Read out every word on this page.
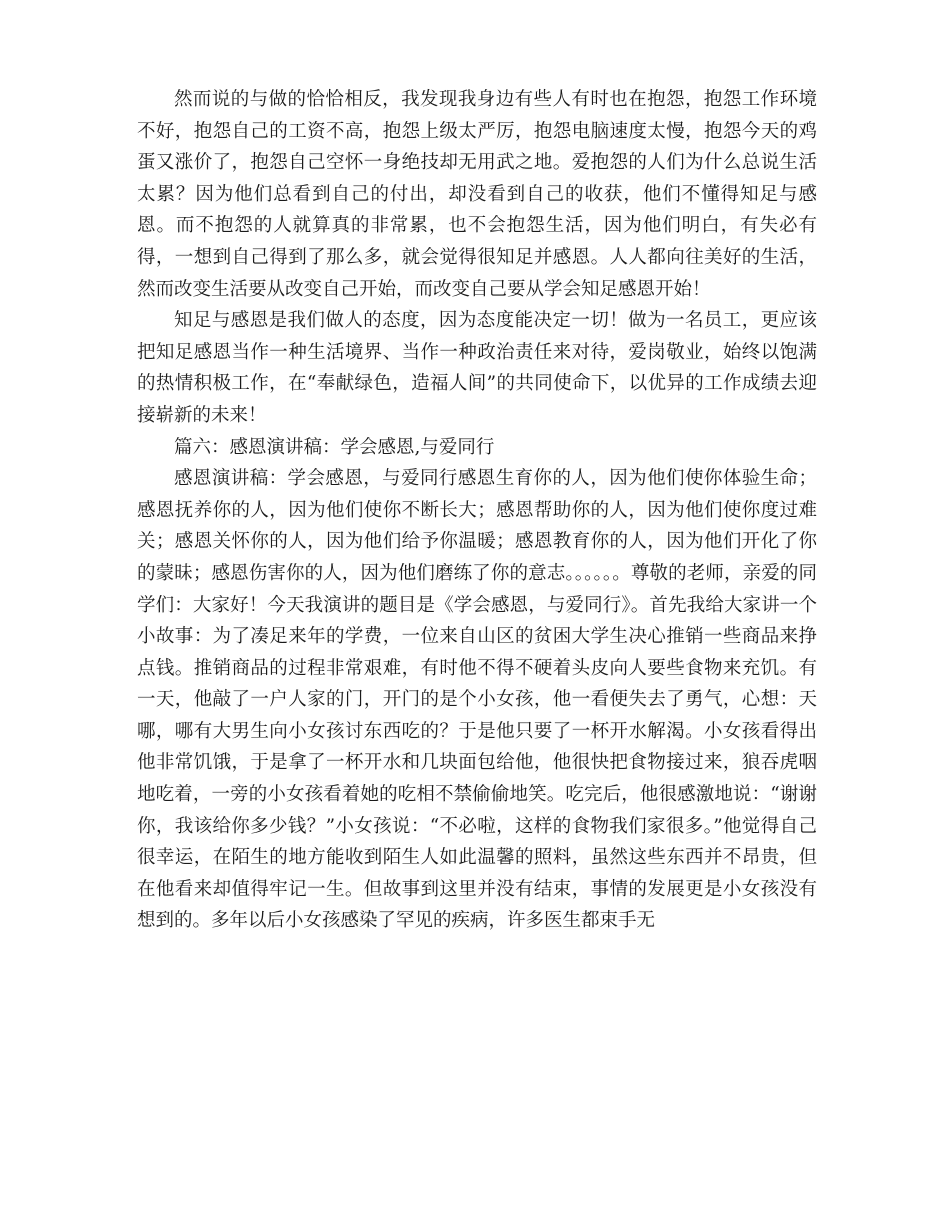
然而说的与做的恰恰相反，我发现我身边有些人有时也在抱怨，抱怨工作环境不好，抱怨自己的工资不高，抱怨上级太严厉，抱怨电脑速度太慢，抱怨今天的鸡蛋又涨价了，抱怨自己空怀一身绝技却无用武之地。爱抱怨的人们为什么总说生活太累？因为他们总看到自己的付出，却没看到自己的收获，他们不懂得知足与感恩。而不抱怨的人就算真的非常累，也不会抱怨生活，因为他们明白，有失必有得，一想到自己得到了那么多，就会觉得很知足并感恩。人人都向往美好的生活，然而改变生活要从改变自己开始，而改变自己要从学会知足感恩开始！

知足与感恩是我们做人的态度，因为态度能决定一切！做为一名员工，更应该把知足感恩当作一种生活境界、当作一种政治责任来对待，爱岗敬业，始终以饱满的热情积极工作，在“奉献绿色，造福人间”的共同使命下，以优异的工作成绩去迎接崭新的未来！

篇六：感恩演讲稿：学会感恩,与爱同行

感恩演讲稿：学会感恩，与爱同行感恩生育你的人，因为他们使你体验生命；感恩抚养你的人，因为他们使你不断长大；感恩帮助你的人，因为他们使你度过难关；感恩关怀你的人，因为他们给予你温暖；感恩教育你的人，因为他们开化了你的蒙昧；感恩伤害你的人，因为他们磨练了你的意志。。。。。。尊敬的老师，亲爱的同学们：大家好！今天我演讲的题目是《学会感恩，与爱同行》。首先我给大家讲一个小故事：为了凑足来年的学费，一位来自山区的贫困大学生决心推销一些商品来挣点钱。推销商品的过程非常艰难，有时他不得不硬着头皮向人要些食物来充饥。有一天，他敲了一户人家的门，开门的是个小女孩，他一看便失去了勇气，心想：天哪，哪有大男生向小女孩讨东西吃的？于是他只要了一杯开水解渴。小女孩看得出他非常饥饿，于是拿了一杯开水和几块面包给他，他很快把食物接过来，狼吞虎咽地吃着，一旁的小女孩看着她的吃相不禁偷偷地笑。吃完后，他很感激地说：“谢谢你，我该给你多少钱？”小女孩说：“不必啦，这样的食物我们家很多。”他觉得自己很幸运，在陌生的地方能收到陌生人如此温馨的照料，虽然这些东西并不昂贵，但在他看来却值得牢记一生。但故事到这里并没有结束，事情的发展更是小女孩没有想到的。多年以后小女孩感染了罕见的疾病，许多医生都束手无
